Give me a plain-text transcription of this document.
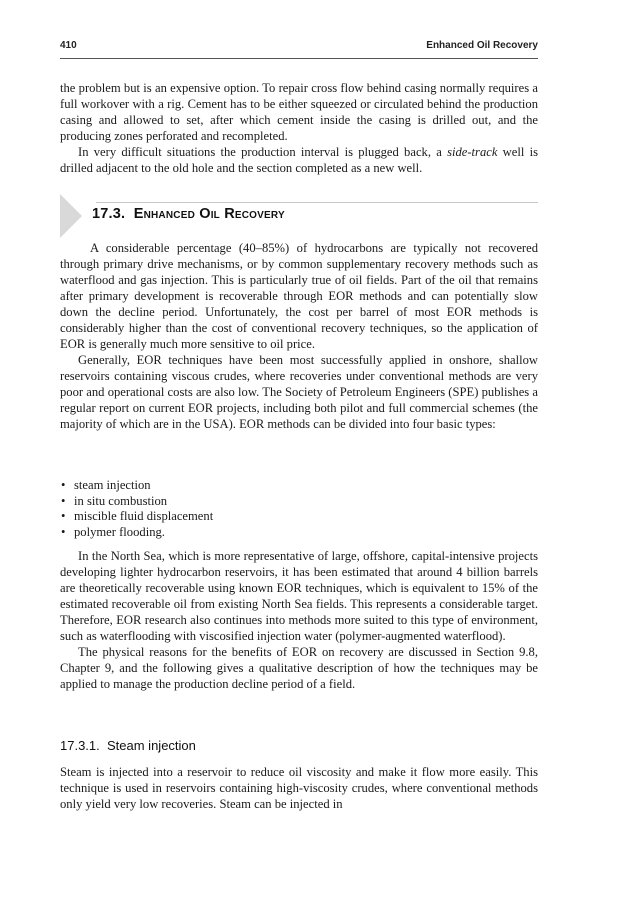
410	Enhanced Oil Recovery

the problem but is an expensive option. To repair cross flow behind casing normally requires a full workover with a rig. Cement has to be either squeezed or circulated behind the production casing and allowed to set, after which cement inside the casing is drilled out, and the producing zones perforated and recompleted.

In very difficult situations the production interval is plugged back, a side-track well is drilled adjacent to the old hole and the section completed as a new well.

17.3. Enhanced Oil Recovery

A considerable percentage (40–85%) of hydrocarbons are typically not recovered through primary drive mechanisms, or by common supplementary recovery methods such as waterflood and gas injection. This is particularly true of oil fields. Part of the oil that remains after primary development is recoverable through EOR methods and can potentially slow down the decline period. Unfortunately, the cost per barrel of most EOR methods is considerably higher than the cost of conventional recovery techniques, so the application of EOR is generally much more sensitive to oil price.

Generally, EOR techniques have been most successfully applied in onshore, shallow reservoirs containing viscous crudes, where recoveries under conventional methods are very poor and operational costs are also low. The Society of Petroleum Engineers (SPE) publishes a regular report on current EOR projects, including both pilot and full commercial schemes (the majority of which are in the USA). EOR methods can be divided into four basic types:

• steam injection
• in situ combustion
• miscible fluid displacement
• polymer flooding.

In the North Sea, which is more representative of large, offshore, capital-intensive projects developing lighter hydrocarbon reservoirs, it has been estimated that around 4 billion barrels are theoretically recoverable using known EOR techniques, which is equivalent to 15% of the estimated recoverable oil from existing North Sea fields. This represents a considerable target. Therefore, EOR research also continues into methods more suited to this type of environment, such as waterflooding with viscosified injection water (polymer-augmented waterflood).

The physical reasons for the benefits of EOR on recovery are discussed in Section 9.8, Chapter 9, and the following gives a qualitative description of how the techniques may be applied to manage the production decline period of a field.

17.3.1. Steam injection

Steam is injected into a reservoir to reduce oil viscosity and make it flow more easily. This technique is used in reservoirs containing high-viscosity crudes, where conventional methods only yield very low recoveries. Steam can be injected in
